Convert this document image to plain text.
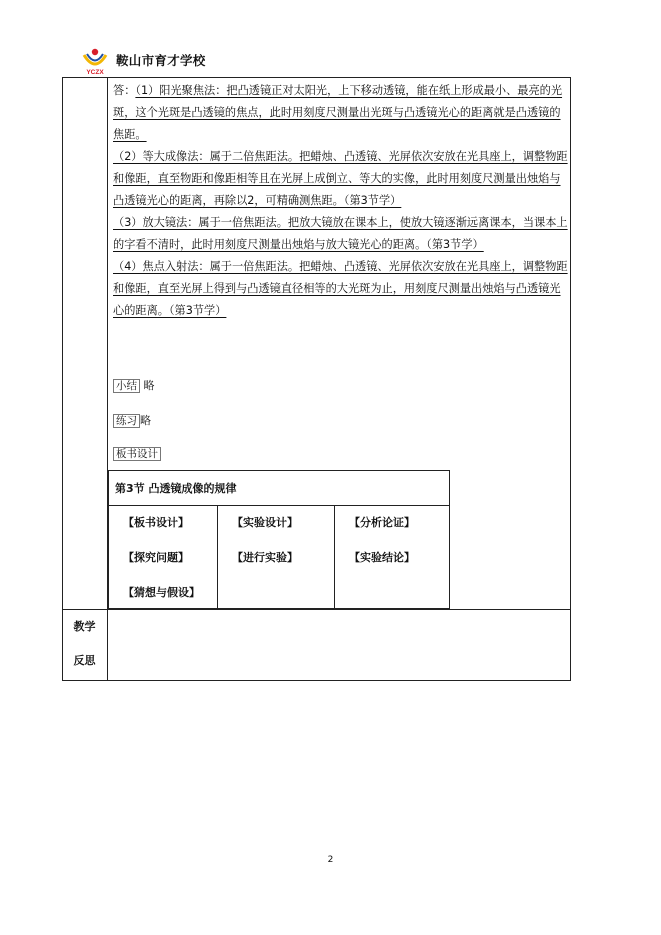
YCZX
鞍山市育才学校

答：（1）阳光聚焦法：把凸透镜正对太阳光，上下移动透镜，能在纸上形成最小、最亮的光斑，这个光斑是凸透镜的焦点，此时用刻度尺测量出光斑与凸透镜光心的距离就是凸透镜的焦距。

（2）等大成像法：属于二倍焦距法。把蜡烛、凸透镜、光屏依次安放在光具座上，调整物距和像距，直至物距和像距相等且在光屏上成倒立、等大的实像，此时用刻度尺测量出烛焰与凸透镜光心的距离，再除以2，可精确测焦距。（第3节学）

（3）放大镜法：属于一倍焦距法。把放大镜放在课本上，使放大镜逐渐远离课本，当课本上的字看不清时，此时用刻度尺测量出烛焰与放大镜光心的距离。（第3节学）

（4）焦点入射法：属于一倍焦距法。把蜡烛、凸透镜、光屏依次安放在光具座上，调整物距和像距，直至光屏上得到与凸透镜直径相等的大光斑为止，用刻度尺测量出烛焰与凸透镜光心的距离。（第3节学）

小结 略
练习 略
板书设计
第3节 凸透镜成像的规律
【板书设计】
【探究问题】
【猜想与假设】
【实验设计】
【进行实验】
【分析论证】
【实验结论】
教学
反思
2
